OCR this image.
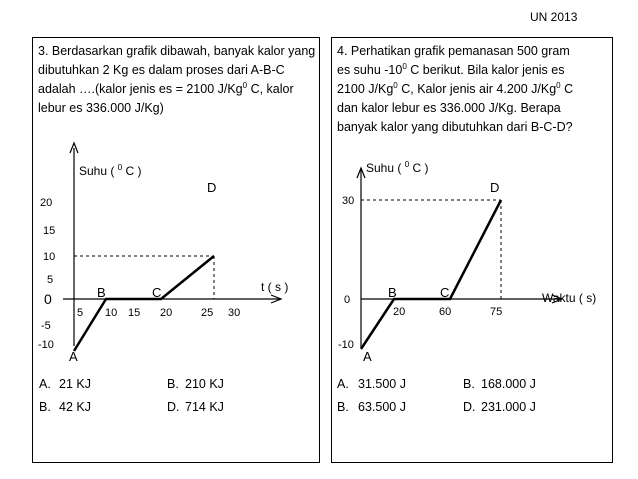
UN 2013
3. Berdasarkan grafik dibawah, banyak kalor yang dibutuhkan 2 Kg es dalam proses dari A-B-C adalah ….(kalor jenis es = 2100 J/Kg$^0$ C, kalor lebur es 336.000 J/Kg)
Suhu ( $^0$ C )
t ( s )
20
15
10
5
0
-5
-10
5 10 15 20	25 30
A
B	C
D
A. 21 KJ	B. 210 KJ
B. 42 KJ	D. 714 KJ
4. Perhatikan grafik pemanasan 500 gram
es suhu $-10^0$ C berikut. Bila kalor jenis es
2100 J/Kg$^0$ C, Kalor jenis air 4.200 J/Kg$^0$ C
dan kalor lebur es 336.000 J/Kg. Berapa
banyak kalor yang dibutuhkan dari B-C-D?
Suhu ( $^0$ C )
Waktu ( s)
30
0
-10
20	60	75
A
B	C
D
A. 31.500 J	B. 168.000 J
B. 63.500 J	D. 231.000 J
